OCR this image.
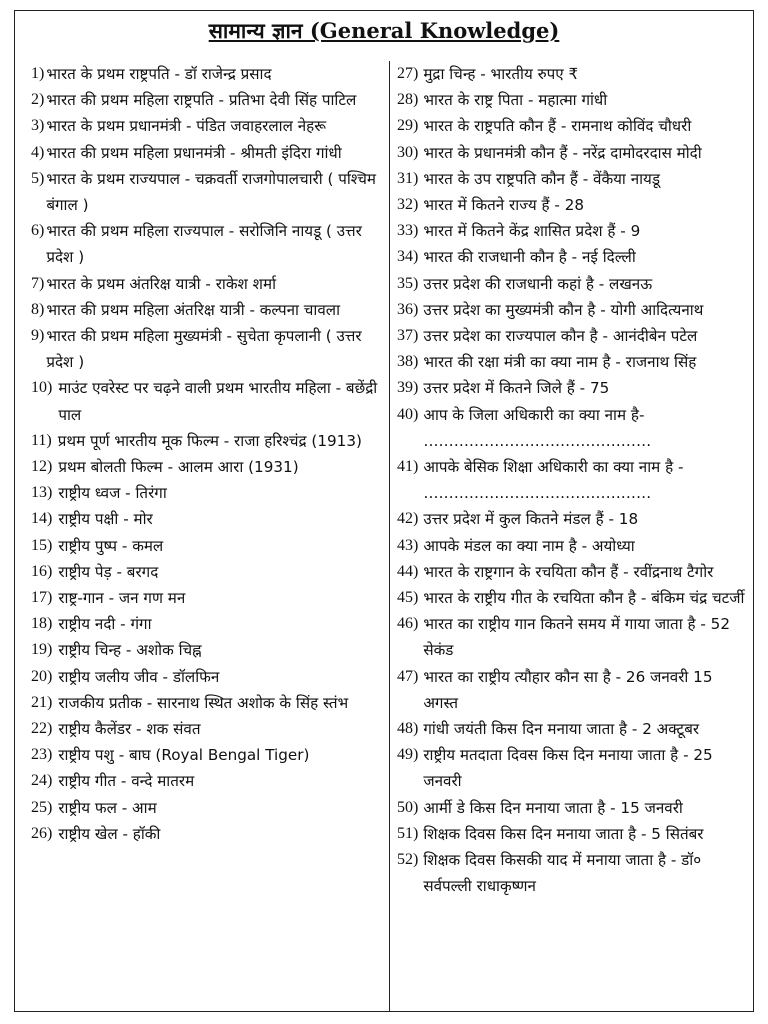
सामान्य ज्ञान (General Knowledge)
1) भारत के प्रथम राष्ट्रपति - डॉ राजेन्द्र प्रसाद
2) भारत की प्रथम महिला राष्ट्रपति - प्रतिभा देवी सिंह पाटिल
3) भारत के प्रथम प्रधानमंत्री - पंडित जवाहरलाल नेहरू
4) भारत की प्रथम महिला प्रधानमंत्री - श्रीमती इंदिरा गांधी
5) भारत के प्रथम राज्यपाल - चक्रवर्ती राजगोपालचारी ( पश्चिम बंगाल )
6) भारत की प्रथम महिला राज्यपाल - सरोजिनि नायडू ( उत्तर प्रदेश )
7) भारत के प्रथम अंतरिक्ष यात्री - राकेश शर्मा
8) भारत की प्रथम महिला अंतरिक्ष यात्री - कल्पना चावला
9) भारत की प्रथम महिला मुख्यमंत्री - सुचेता कृपलानी ( उत्तर प्रदेश )
10) माउंट एवरेस्ट पर चढ़ने वाली प्रथम भारतीय महिला - बछेंद्री पाल
11) प्रथम पूर्ण भारतीय मूक फिल्म - राजा हरिश्चंद्र (1913)
12) प्रथम बोलती फिल्म - आलम आरा (1931)
13) राष्ट्रीय ध्वज - तिरंगा
14) राष्ट्रीय पक्षी - मोर
15) राष्ट्रीय पुष्प - कमल
16) राष्ट्रीय पेड़ - बरगद
17) राष्ट्र-गान - जन गण मन
18) राष्ट्रीय नदी - गंगा
19) राष्ट्रीय चिन्ह - अशोक चिह्न
20) राष्ट्रीय जलीय जीव - डॉलफिन
21) राजकीय प्रतीक - सारनाथ स्थित अशोक के सिंह स्तंभ
22) राष्ट्रीय कैलेंडर - शक संवत
23) राष्ट्रीय पशु - बाघ (Royal Bengal Tiger)
24) राष्ट्रीय गीत - वन्दे मातरम
25) राष्ट्रीय फल - आम
26) राष्ट्रीय खेल - हॉकी
27) मुद्रा चिन्ह - भारतीय रुपए ₹
28) भारत के राष्ट्र पिता - महात्मा गांधी
29) भारत के राष्ट्रपति कौन हैं - रामनाथ कोविंद चौधरी
30) भारत के प्रधानमंत्री कौन हैं - नरेंद्र दामोदरदास मोदी
31) भारत के उप राष्ट्रपति कौन हैं - वेंकैया नायडू
32) भारत में कितने राज्य हैं - 28
33) भारत में कितने केंद्र शासित प्रदेश हैं - 9
34) भारत की राजधानी कौन है - नई दिल्ली
35) उत्तर प्रदेश की राजधानी कहां है - लखनऊ
36) उत्तर प्रदेश का मुख्यमंत्री कौन है - योगी आदित्यनाथ
37) उत्तर प्रदेश का राज्यपाल कौन है - आनंदीबेन पटेल
38) भारत की रक्षा मंत्री का क्या नाम है - राजनाथ सिंह
39) उत्तर प्रदेश में कितने जिले हैं - 75
40) आप के जिला अधिकारी का क्या नाम है- ………………………………………
41) आपके बेसिक शिक्षा अधिकारी का क्या नाम है - ………………………………………
42) उत्तर प्रदेश में कुल कितने मंडल हैं - 18
43) आपके मंडल का क्या नाम है - अयोध्या
44) भारत के राष्ट्रगान के रचयिता कौन हैं - रवींद्रनाथ टैगोर
45) भारत के राष्ट्रीय गीत के रचयिता कौन है - बंकिम चंद्र चटर्जी
46) भारत का राष्ट्रीय गान कितने समय में गाया जाता है - 52 सेकंड
47) भारत का राष्ट्रीय त्यौहार कौन सा है - 26 जनवरी 15 अगस्त
48) गांधी जयंती किस दिन मनाया जाता है - 2 अक्टूबर
49) राष्ट्रीय मतदाता दिवस किस दिन मनाया जाता है - 25 जनवरी
50) आर्मी डे किस दिन मनाया जाता है - 15 जनवरी
51) शिक्षक दिवस किस दिन मनाया जाता है - 5 सितंबर
52) शिक्षक दिवस किसकी याद में मनाया जाता है - डॉ० सर्वपल्ली राधाकृष्णन
